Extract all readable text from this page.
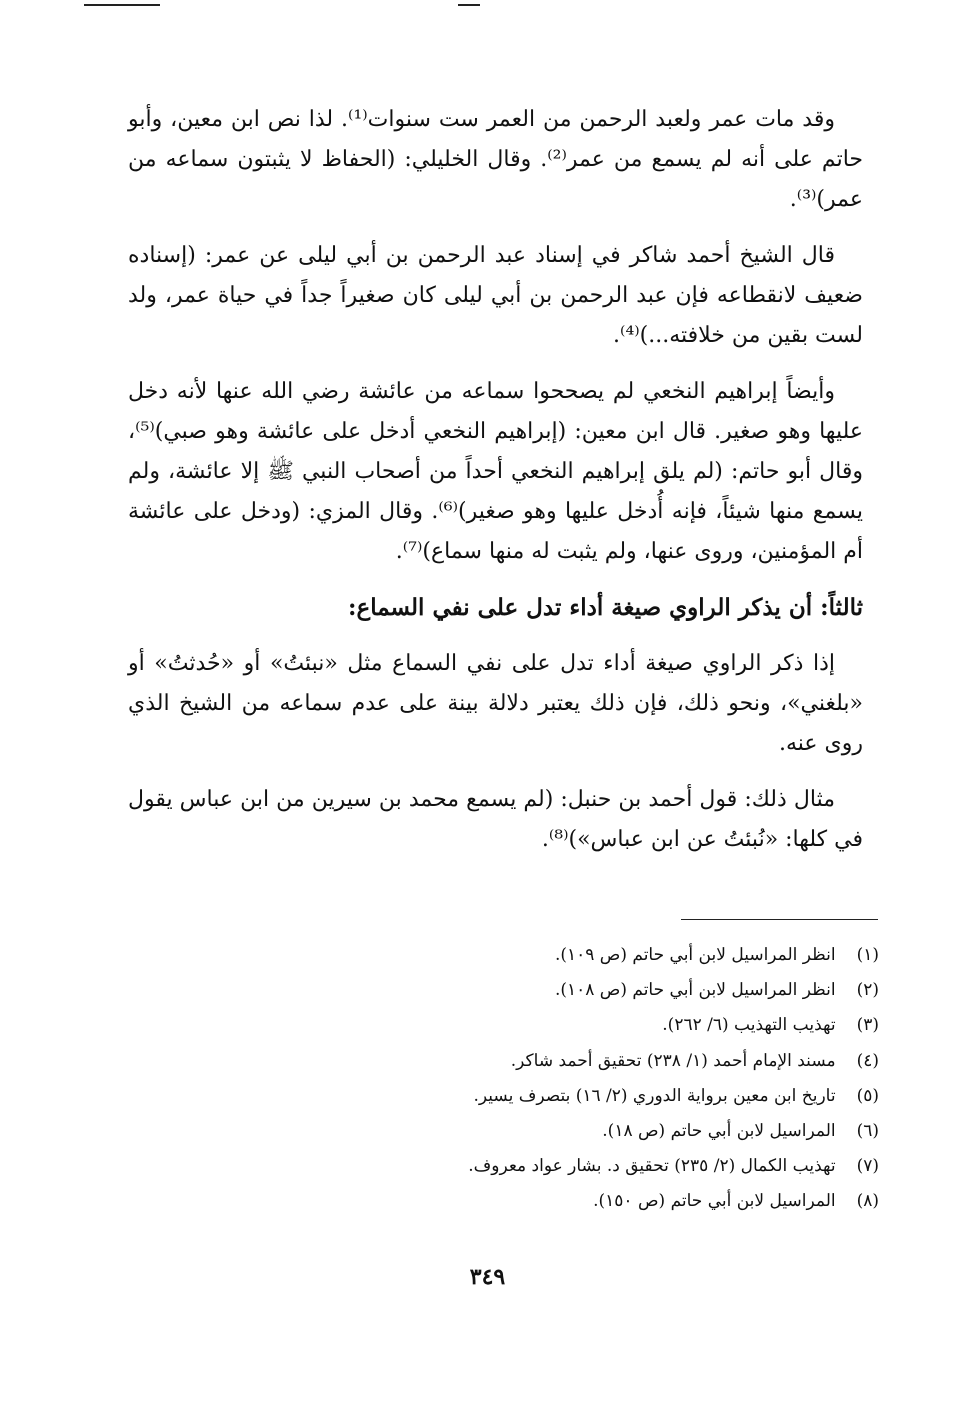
وقد مات عمر ولعبد الرحمن من العمر ست سنوات⁽¹⁾. لذا نص ابن معين، وأبو حاتم على أنه لم يسمع من عمر⁽²⁾. وقال الخليلي: (الحفاظ لا يثبتون سماعه من عمر)⁽³⁾.

قال الشيخ أحمد شاكر في إسناد عبد الرحمن بن أبي ليلى عن عمر: (إسناده ضعيف لانقطاعه فإن عبد الرحمن بن أبي ليلى كان صغيراً جداً في حياة عمر، ولد لست بقين من خلافته...)⁽⁴⁾.

وأيضاً إبراهيم النخعي لم يصححوا سماعه من عائشة رضي الله عنها لأنه دخل عليها وهو صغير. قال ابن معين: (إبراهيم النخعي أدخل على عائشة وهو صبي)⁽⁵⁾، وقال أبو حاتم: (لم يلق إبراهيم النخعي أحداً من أصحاب النبي ﷺ إلا عائشة، ولم يسمع منها شيئاً، فإنه أُدخل عليها وهو صغير)⁽⁶⁾. وقال المزي: (ودخل على عائشة أم المؤمنين، وروى عنها، ولم يثبت له منها سماع)⁽⁷⁾.

ثالثاً: أن يذكر الراوي صيغة أداء تدل على نفي السماع:

إذا ذكر الراوي صيغة أداء تدل على نفي السماع مثل «نبئتُ» أو «حُدثتُ» أو «بلغني»، ونحو ذلك، فإن ذلك يعتبر دلالة بينة على عدم سماعه من الشيخ الذي روى عنه.

مثال ذلك: قول أحمد بن حنبل: (لم يسمع محمد بن سيرين من ابن عباس يقول في كلها: «نُبئتُ عن ابن عباس»)⁽⁸⁾.

(١) انظر المراسيل لابن أبي حاتم (ص ١٠٩).
(٢) انظر المراسيل لابن أبي حاتم (ص ١٠٨).
(٣) تهذيب التهذيب (٦/ ٢٦٢).
(٤) مسند الإمام أحمد (١/ ٢٣٨) تحقيق أحمد شاكر.
(٥) تاريخ ابن معين برواية الدوري (٢/ ١٦) بتصرف يسير.
(٦) المراسيل لابن أبي حاتم (ص ١٨).
(٧) تهذيب الكمال (٢/ ٢٣٥) تحقيق د. بشار عواد معروف.
(٨) المراسيل لابن أبي حاتم (ص ١٥٠).
٣٤٩
